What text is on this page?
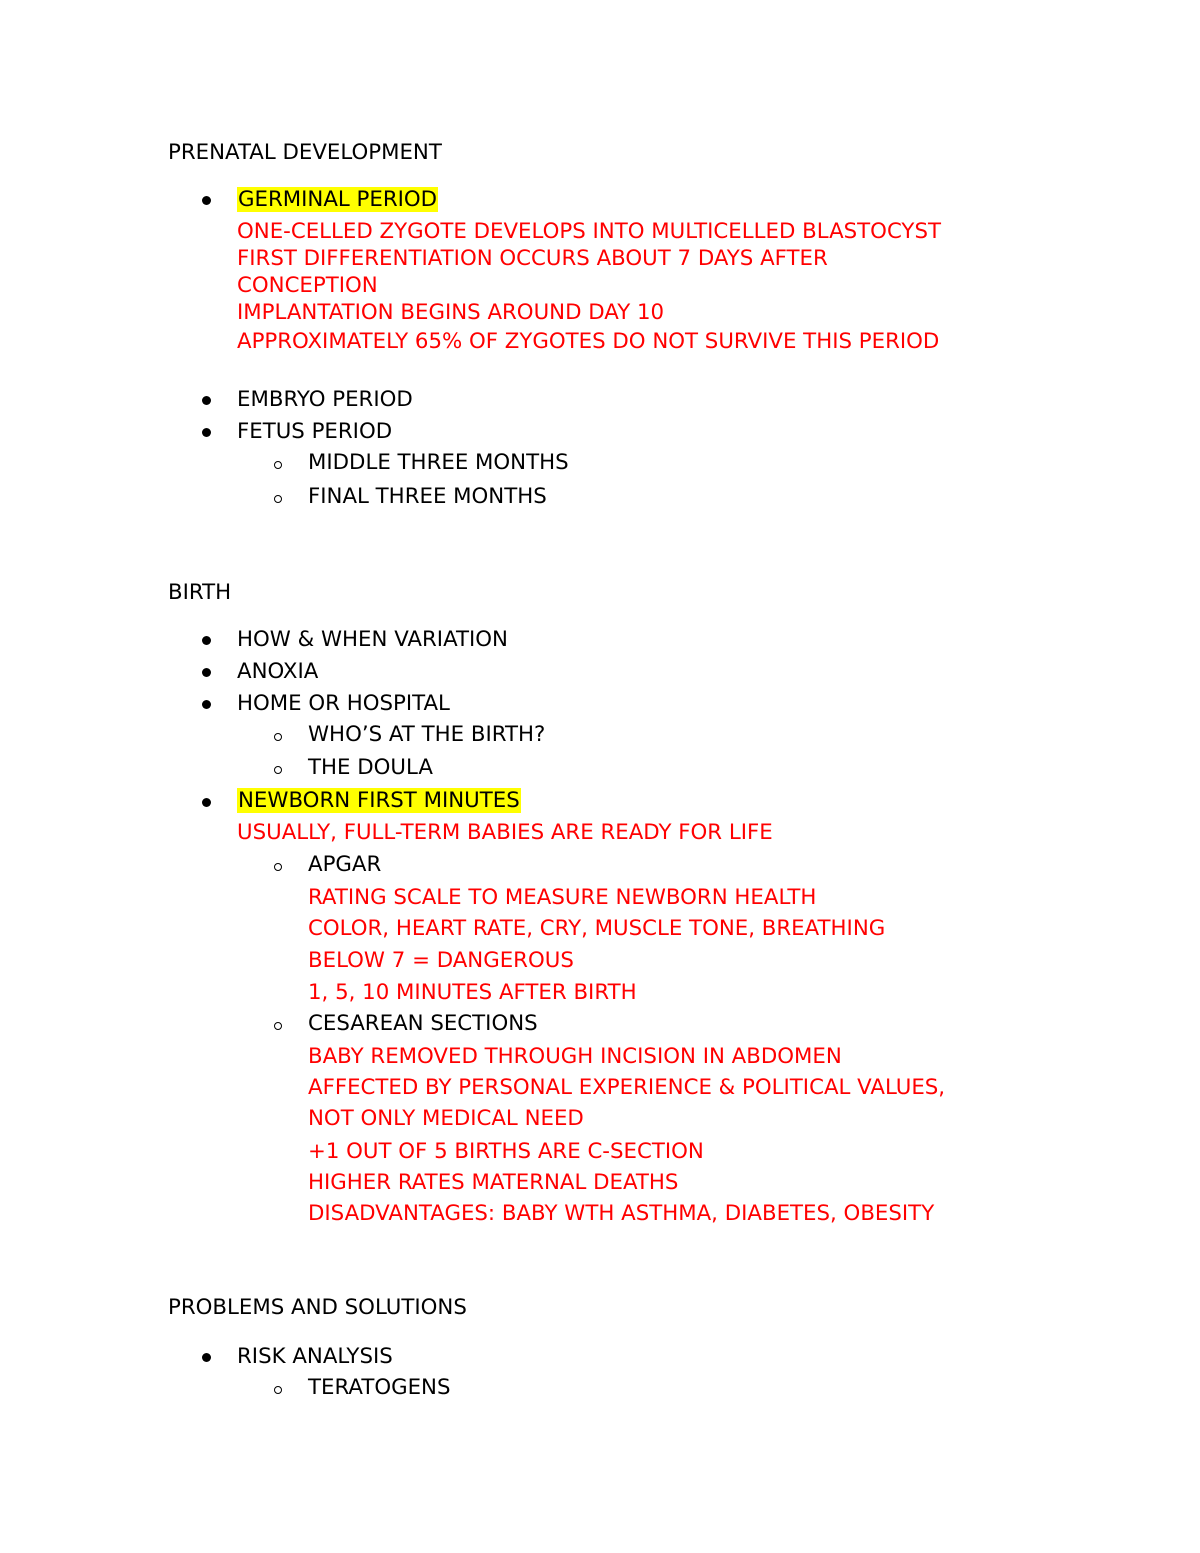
PRENATAL DEVELOPMENT
GERMINAL PERIOD
ONE-CELLED ZYGOTE DEVELOPS INTO MULTICELLED BLASTOCYST
FIRST DIFFERENTIATION OCCURS ABOUT 7 DAYS AFTER
CONCEPTION
IMPLANTATION BEGINS AROUND DAY 10
APPROXIMATELY 65% OF ZYGOTES DO NOT SURVIVE THIS PERIOD
EMBRYO PERIOD
FETUS PERIOD
MIDDLE THREE MONTHS
FINAL THREE MONTHS
BIRTH
HOW & WHEN VARIATION
ANOXIA
HOME OR HOSPITAL
WHO’S AT THE BIRTH?
THE DOULA
NEWBORN FIRST MINUTES
USUALLY, FULL-TERM BABIES ARE READY FOR LIFE
APGAR
RATING SCALE TO MEASURE NEWBORN HEALTH
COLOR, HEART RATE, CRY, MUSCLE TONE, BREATHING
BELOW 7 = DANGEROUS
1, 5, 10 MINUTES AFTER BIRTH
CESAREAN SECTIONS
BABY REMOVED THROUGH INCISION IN ABDOMEN
AFFECTED BY PERSONAL EXPERIENCE & POLITICAL VALUES,
NOT ONLY MEDICAL NEED
+1 OUT OF 5 BIRTHS ARE C-SECTION
HIGHER RATES MATERNAL DEATHS
DISADVANTAGES: BABY WTH ASTHMA, DIABETES, OBESITY
PROBLEMS AND SOLUTIONS
RISK ANALYSIS
TERATOGENS
